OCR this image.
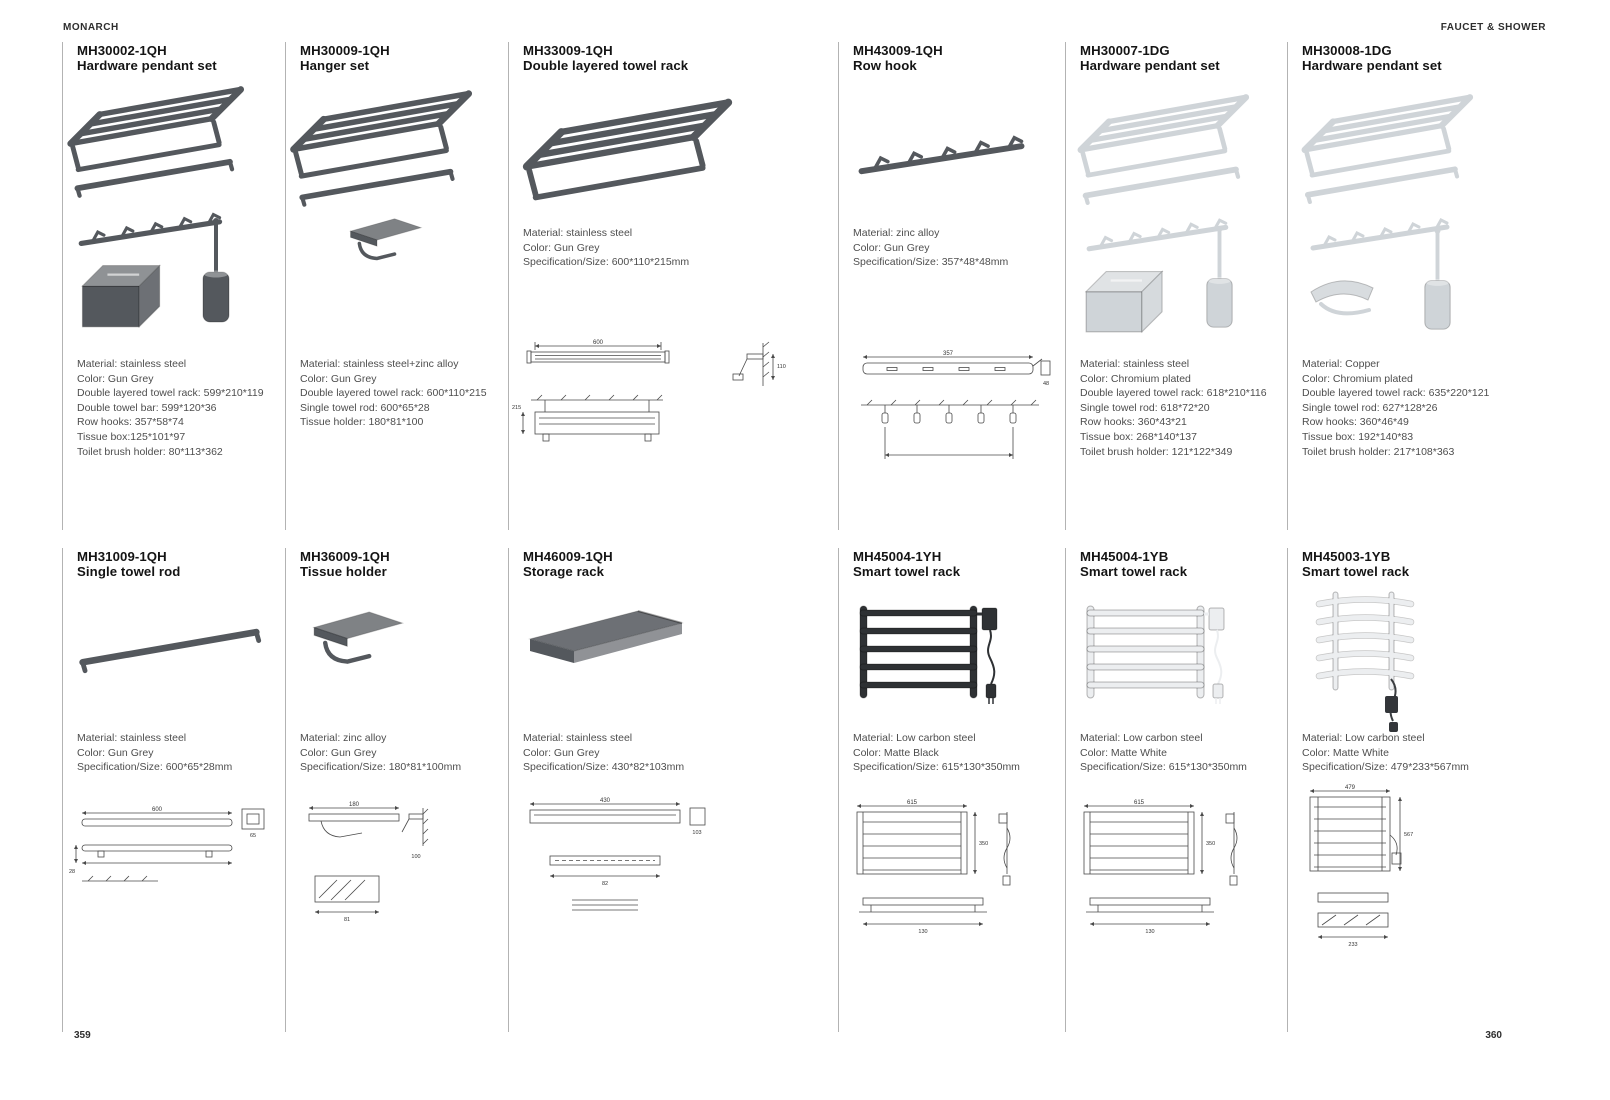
MONARCH	FAUCET & SHOWER
MH30002-1QH
Hardware pendant set
Material: stainless steel
Color: Gun Grey
Double layered towel rack: 599*210*119
Double towel bar: 599*120*36
Row hooks: 357*58*74
Tissue box:125*101*97
Toilet brush holder: 80*113*362
MH30009-1QH
Hanger set
Material: stainless steel+zinc alloy
Color: Gun Grey
Double layered towel rack: 600*110*215
Single towel rod: 600*65*28
Tissue holder: 180*81*100
MH33009-1QH
Double layered towel rack
Material: stainless steel
Color: Gun Grey
Specification/Size: 600*110*215mm
600
110
215
MH43009-1QH
Row hook
Material: zinc alloy
Color: Gun Grey
Specification/Size: 357*48*48mm
357
48
MH30007-1DG
Hardware pendant set
Material: stainless steel
Color: Chromium plated
Double layered towel rack: 618*210*116
Single towel rod: 618*72*20
Row hooks: 360*43*21
Tissue box: 268*140*137
Toilet brush holder: 121*122*349
MH30008-1DG
Hardware pendant set
Material: Copper
Color: Chromium plated
Double layered towel rack: 635*220*121
Single towel rod: 627*128*26
Row hooks: 360*46*49
Tissue box: 192*140*83
Toilet brush holder: 217*108*363
MH31009-1QH
Single towel rod
Material: stainless steel
Color: Gun Grey
Specification/Size: 600*65*28mm
600
65
28
MH36009-1QH
Tissue holder
Material: zinc alloy
Color: Gun Grey
Specification/Size: 180*81*100mm
180
100
81
MH46009-1QH
Storage rack
Material: stainless steel
Color: Gun Grey
Specification/Size: 430*82*103mm
430
103
82
MH45004-1YH
Smart towel rack
Material: Low carbon steel
Color: Matte Black
Specification/Size: 615*130*350mm
615
350
130
MH45004-1YB
Smart towel rack
Material: Low carbon steel
Color: Matte White
Specification/Size: 615*130*350mm
615
350
130
MH45003-1YB
Smart towel rack
Material: Low carbon steel
Color: Matte White
Specification/Size: 479*233*567mm
479
567
233
359	360
